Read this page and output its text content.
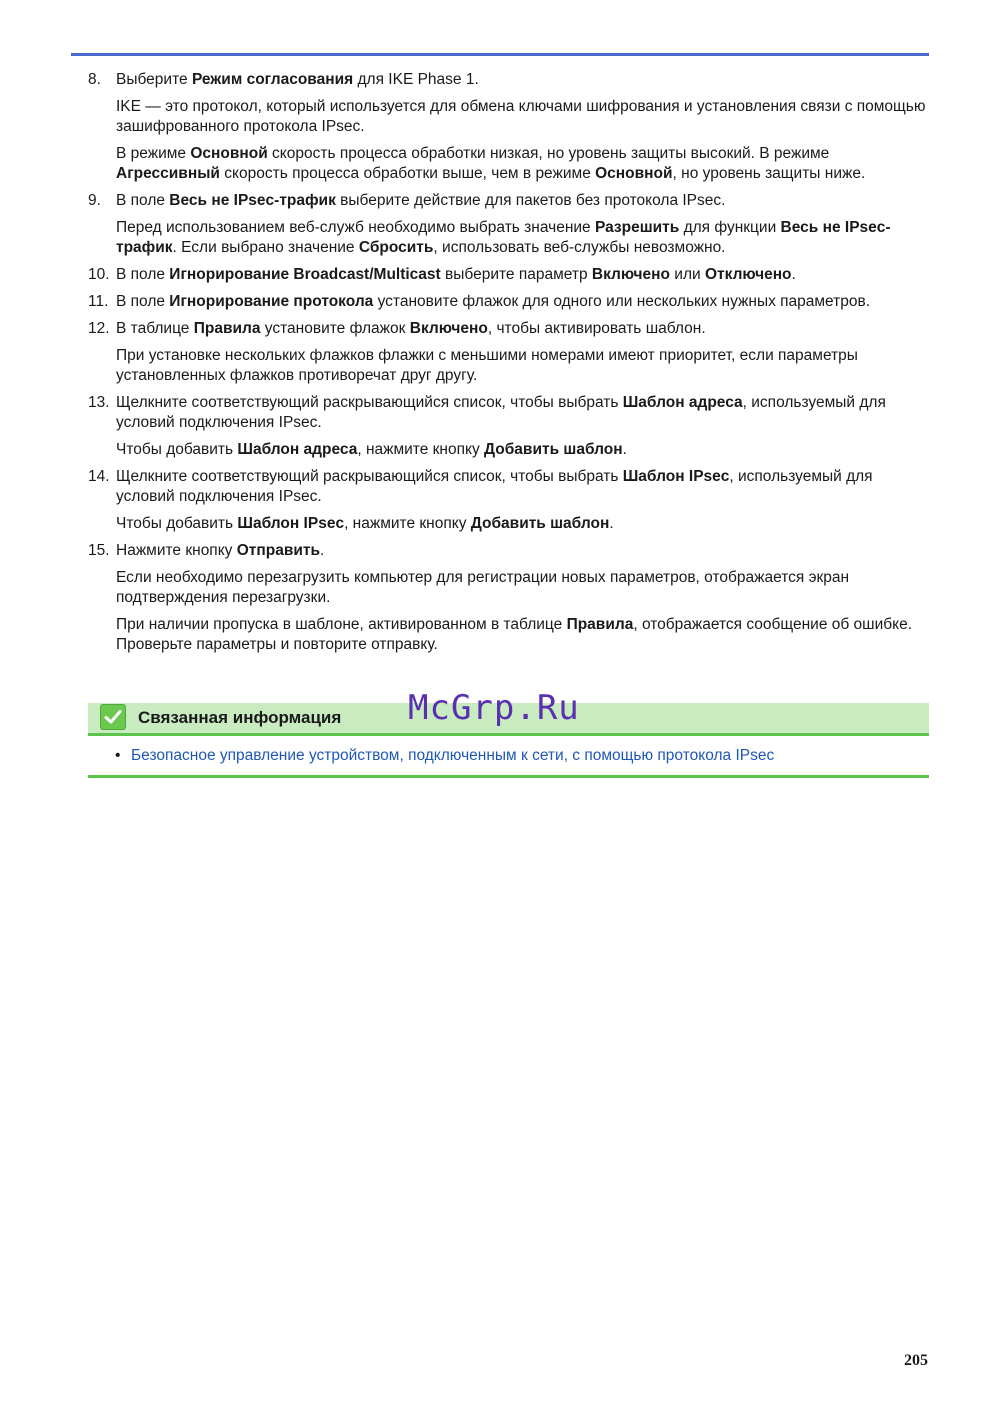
8. Выберите Режим согласования для IKE Phase 1.
IKE — это протокол, который используется для обмена ключами шифрования и установления связи с помощью зашифрованного протокола IPsec.
В режиме Основной скорость процесса обработки низкая, но уровень защиты высокий. В режиме Агрессивный скорость процесса обработки выше, чем в режиме Основной, но уровень защиты ниже.
9. В поле Весь не IPsec-трафик выберите действие для пакетов без протокола IPsec.
Перед использованием веб-служб необходимо выбрать значение Разрешить для функции Весь не IPsec-трафик. Если выбрано значение Сбросить, использовать веб-службы невозможно.
10. В поле Игнорирование Broadcast/Multicast выберите параметр Включено или Отключено.
11. В поле Игнорирование протокола установите флажок для одного или нескольких нужных параметров.
12. В таблице Правила установите флажок Включено, чтобы активировать шаблон.
При установке нескольких флажков флажки с меньшими номерами имеют приоритет, если параметры установленных флажков противоречат друг другу.
13. Щелкните соответствующий раскрывающийся список, чтобы выбрать Шаблон адреса, используемый для условий подключения IPsec.
Чтобы добавить Шаблон адреса, нажмите кнопку Добавить шаблон.
14. Щелкните соответствующий раскрывающийся список, чтобы выбрать Шаблон IPsec, используемый для условий подключения IPsec.
Чтобы добавить Шаблон IPsec, нажмите кнопку Добавить шаблон.
15. Нажмите кнопку Отправить.
Если необходимо перезагрузить компьютер для регистрации новых параметров, отображается экран подтверждения перезагрузки.
При наличии пропуска в шаблоне, активированном в таблице Правила, отображается сообщение об ошибке. Проверьте параметры и повторите отправку.
Связанная информация McGrp.Ru
• Безопасное управление устройством, подключенным к сети, с помощью протокола IPsec
205
